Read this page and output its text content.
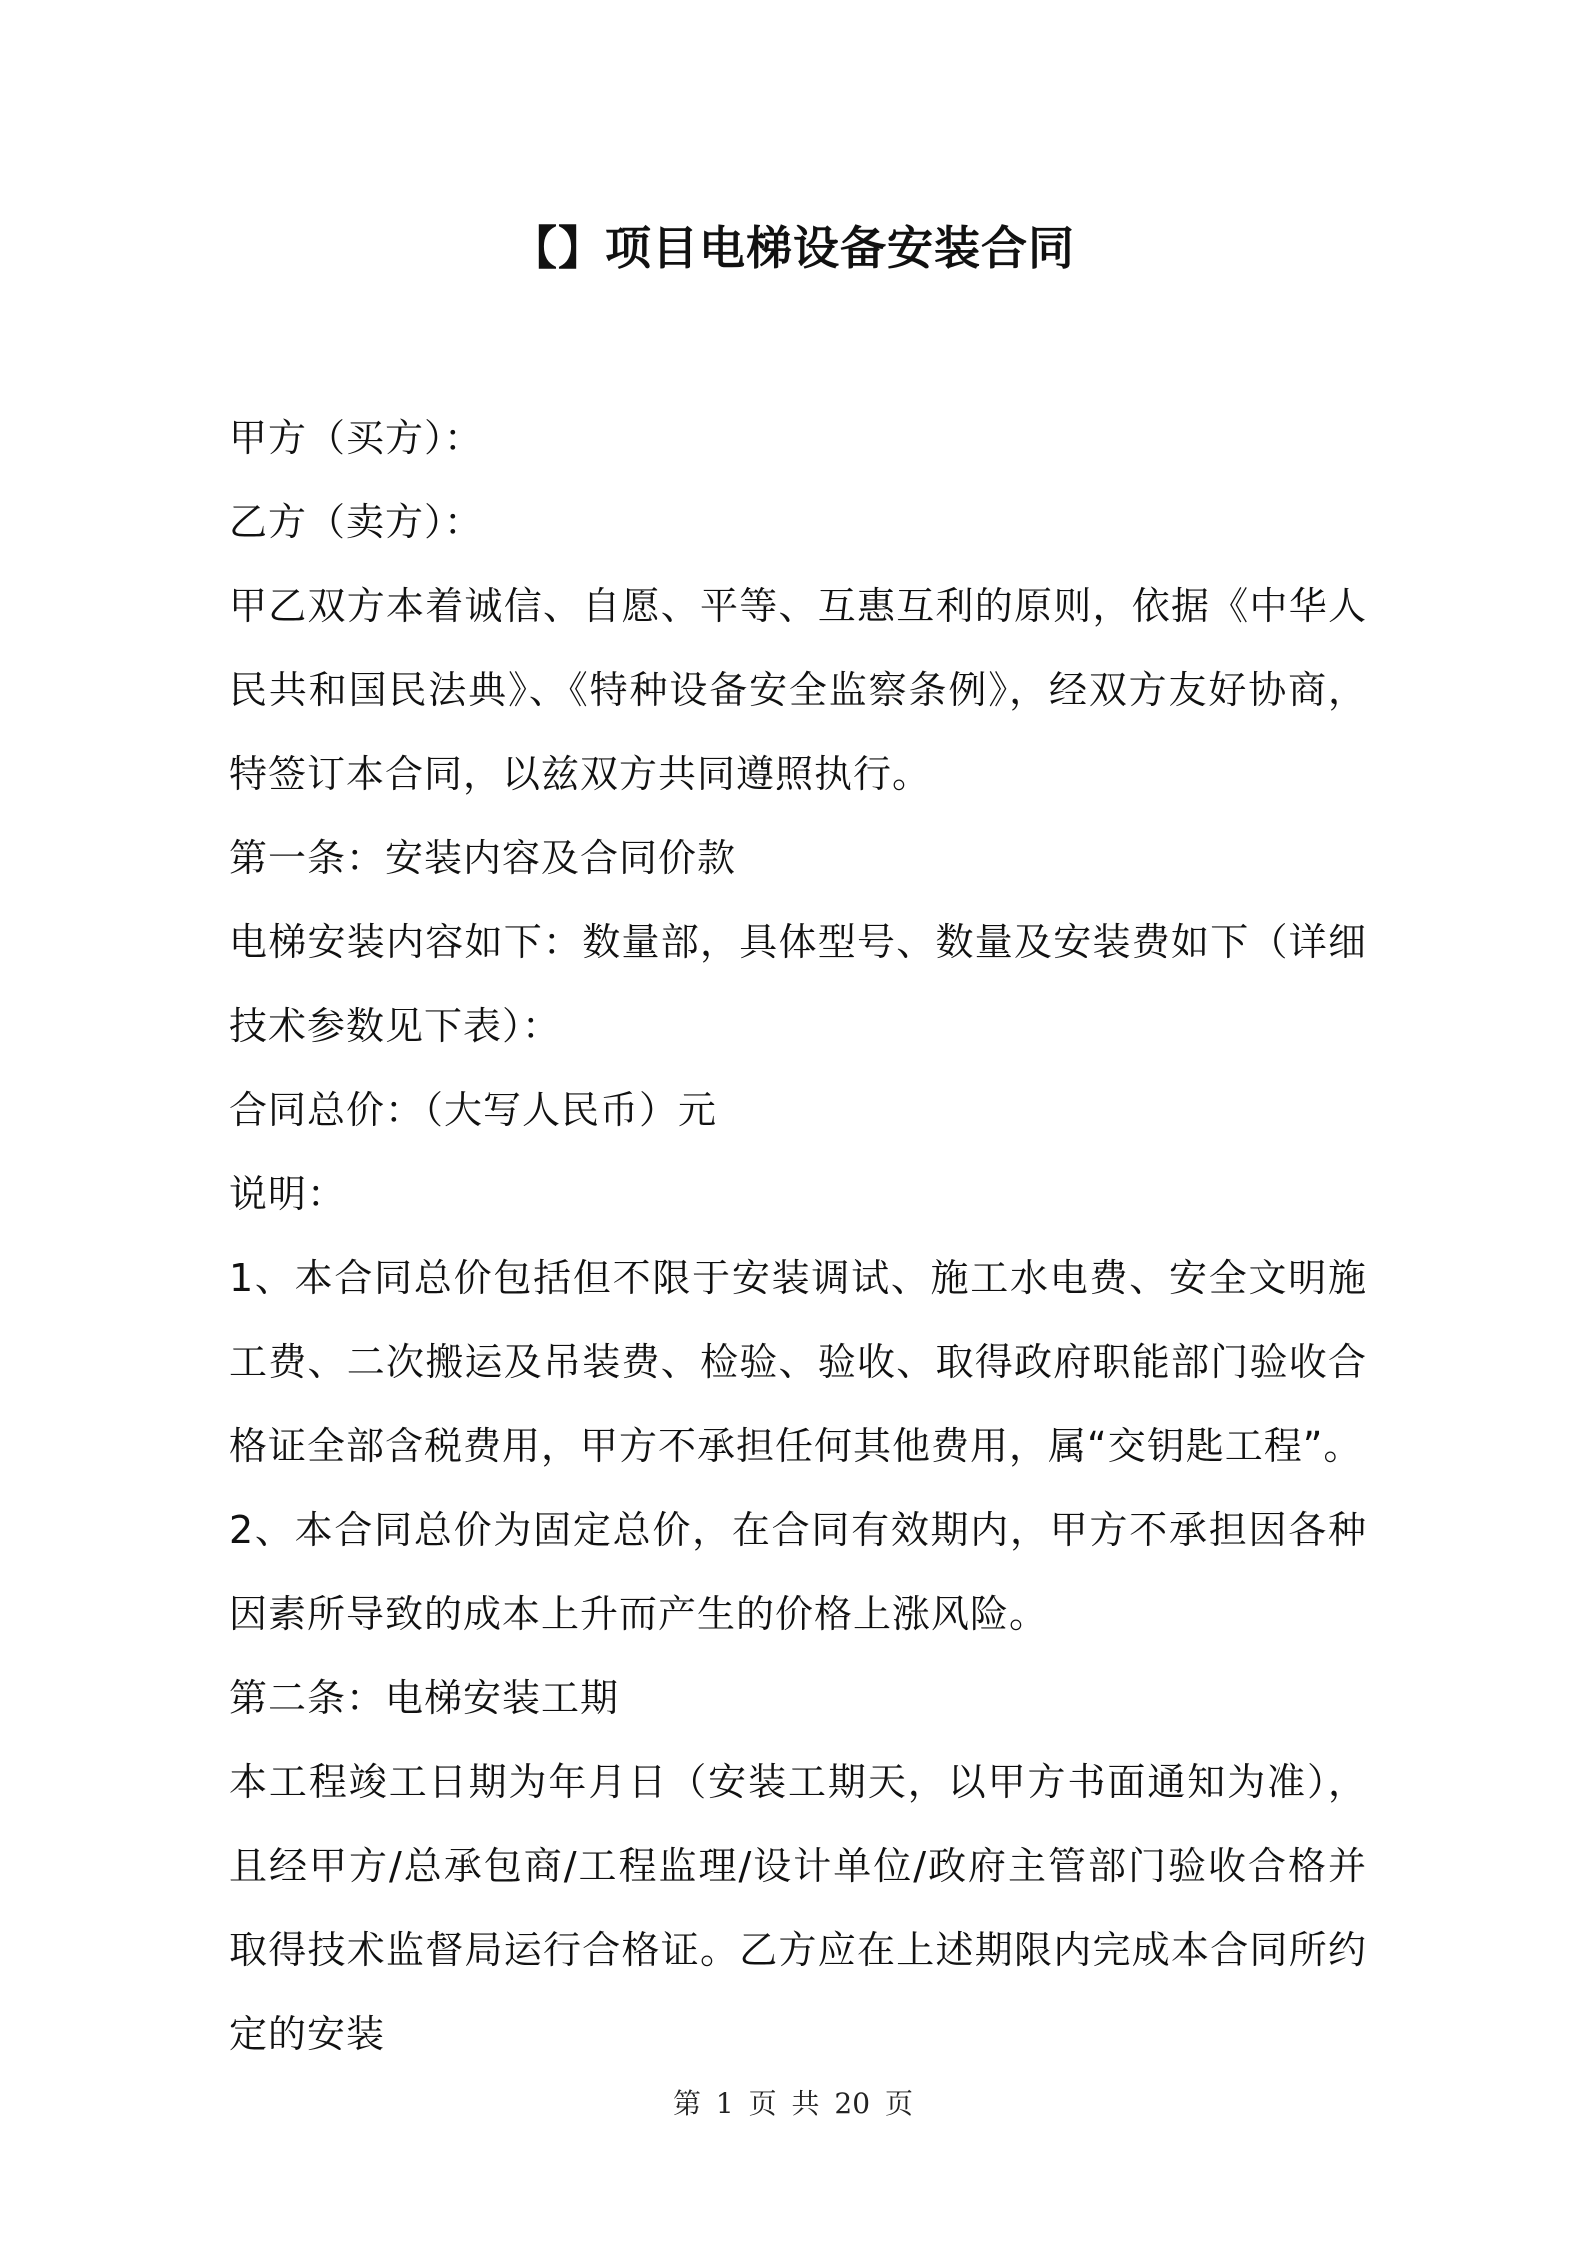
【】项目电梯设备安装合同

甲方（买方）：

乙方（卖方）：

甲乙双方本着诚信、自愿、平等、互惠互利的原则，依据《中华人民共和国民法典》、《特种设备安全监察条例》，经双方友好协商，特签订本合同，以兹双方共同遵照执行。

第一条：安装内容及合同价款

电梯安装内容如下：数量部，具体型号、数量及安装费如下（详细技术参数见下表）：

合同总价：（大写人民币）元

说明：

1、本合同总价包括但不限于安装调试、施工水电费、安全文明施工费、二次搬运及吊装费、检验、验收、取得政府职能部门验收合格证全部含税费用，甲方不承担任何其他费用，属“交钥匙工程”。

2、本合同总价为固定总价，在合同有效期内，甲方不承担因各种因素所导致的成本上升而产生的价格上涨风险。

第二条：电梯安装工期

本工程竣工日期为年月日（安装工期天，以甲方书面通知为准），且经甲方/总承包商/工程监理/设计单位/政府主管部门验收合格并取得技术监督局运行合格证。乙方应在上述期限内完成本合同所约定的安装

第 1 页 共 20 页
